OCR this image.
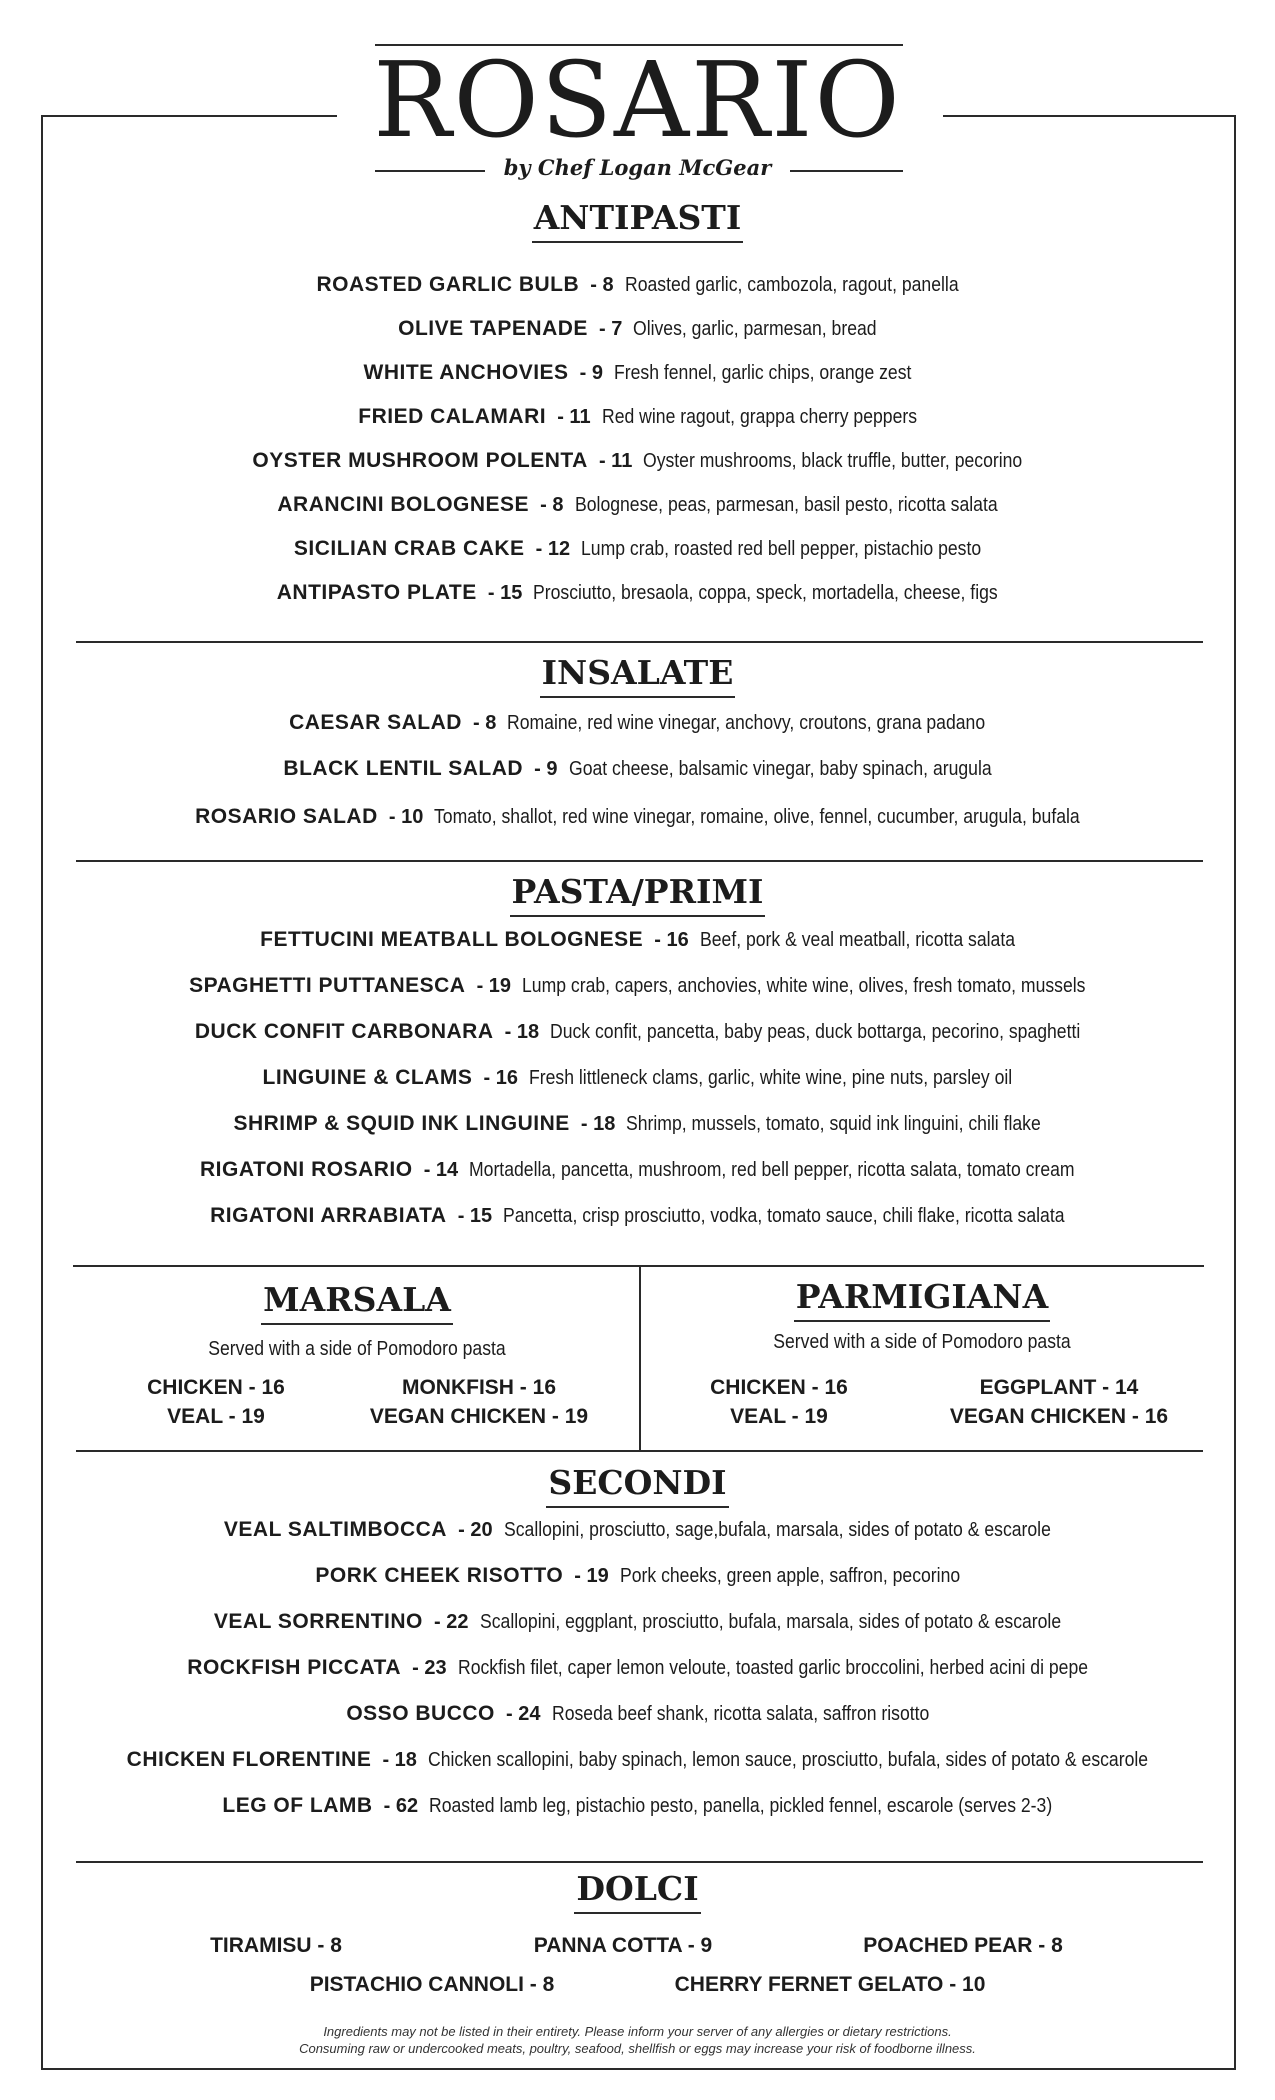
ROSARIO
by Chef Logan McGear
ANTIPASTI
ROASTED GARLIC BULB  - 8  Roasted garlic, cambozola, ragout, panella
OLIVE TAPENADE  - 7  Olives, garlic, parmesan, bread
WHITE ANCHOVIES  - 9  Fresh fennel, garlic chips, orange zest
FRIED CALAMARI  - 11  Red wine ragout, grappa cherry peppers
OYSTER MUSHROOM POLENTA  - 11  Oyster mushrooms, black truffle, butter, pecorino
ARANCINI BOLOGNESE  - 8  Bolognese, peas, parmesan, basil pesto, ricotta salata
SICILIAN CRAB CAKE  - 12  Lump crab, roasted red bell pepper, pistachio pesto
ANTIPASTO PLATE  - 15  Prosciutto, bresaola, coppa, speck, mortadella, cheese, figs
INSALATE
CAESAR SALAD  - 8  Romaine, red wine vinegar, anchovy, croutons, grana padano
BLACK LENTIL SALAD  - 9  Goat cheese, balsamic vinegar, baby spinach, arugula
ROSARIO SALAD  - 10  Tomato, shallot, red wine vinegar, romaine, olive, fennel, cucumber, arugula, bufala
PASTA/PRIMI
FETTUCINI MEATBALL BOLOGNESE  - 16  Beef, pork & veal meatball, ricotta salata
SPAGHETTI PUTTANESCA  - 19  Lump crab, capers, anchovies, white wine, olives, fresh tomato, mussels
DUCK CONFIT CARBONARA  - 18  Duck confit, pancetta, baby peas, duck bottarga, pecorino, spaghetti
LINGUINE & CLAMS  - 16  Fresh littleneck clams, garlic, white wine, pine nuts, parsley oil
SHRIMP & SQUID INK LINGUINE  - 18  Shrimp, mussels, tomato, squid ink linguini, chili flake
RIGATONI ROSARIO  - 14  Mortadella, pancetta, mushroom, red bell pepper, ricotta salata, tomato cream
RIGATONI ARRABIATA  - 15  Pancetta, crisp prosciutto, vodka, tomato sauce, chili flake, ricotta salata
MARSALA
Served with a side of Pomodoro pasta
CHICKEN - 16	MONKFISH - 16
VEAL - 19	VEGAN CHICKEN - 19
PARMIGIANA
Served with a side of Pomodoro pasta
CHICKEN - 16	EGGPLANT - 14
VEAL - 19	VEGAN CHICKEN - 16
SECONDI
VEAL SALTIMBOCCA  - 20  Scallopini, prosciutto, sage,bufala, marsala, sides of potato & escarole
PORK CHEEK RISOTTO  - 19  Pork cheeks, green apple, saffron, pecorino
VEAL SORRENTINO  - 22  Scallopini, eggplant, prosciutto, bufala, marsala, sides of potato & escarole
ROCKFISH PICCATA  - 23  Rockfish filet, caper lemon veloute, toasted garlic broccolini, herbed acini di pepe
OSSO BUCCO  - 24  Roseda beef shank, ricotta salata, saffron risotto
CHICKEN FLORENTINE  - 18  Chicken scallopini, baby spinach, lemon sauce, prosciutto, bufala, sides of potato & escarole
LEG OF LAMB  - 62  Roasted lamb leg, pistachio pesto, panella, pickled fennel, escarole (serves 2-3)
DOLCI
TIRAMISU - 8	PANNA COTTA - 9	POACHED PEAR - 8
PISTACHIO CANNOLI - 8	CHERRY FERNET GELATO - 10
Ingredients may not be listed in their entirety. Please inform your server of any allergies or dietary restrictions.
Consuming raw or undercooked meats, poultry, seafood, shellfish or eggs may increase your risk of foodborne illness.
